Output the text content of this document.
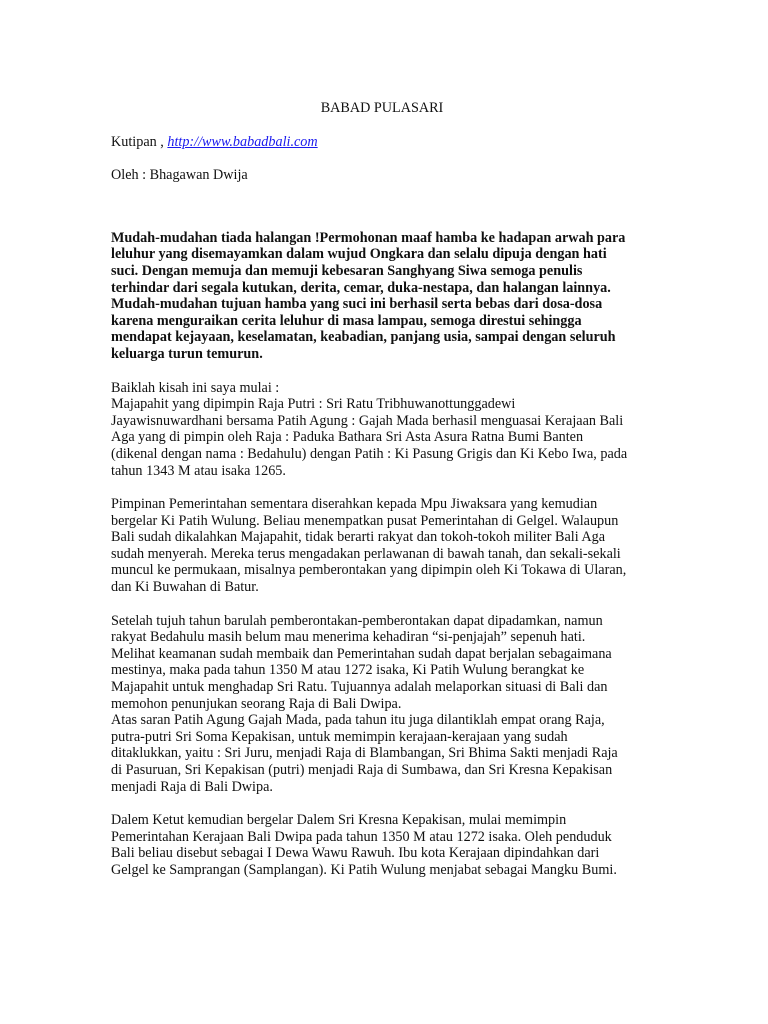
BABAD PULASARI
Kutipan , http://www.babadbali.com
Oleh : Bhagawan Dwija
Mudah-mudahan tiada halangan !Permohonan maaf hamba ke hadapan arwah para
leluhur yang disemayamkan dalam wujud Ongkara dan selalu dipuja dengan hati
suci. Dengan memuja dan memuji kebesaran Sanghyang Siwa semoga penulis
terhindar dari segala kutukan, derita, cemar, duka-nestapa, dan halangan lainnya.
Mudah-mudahan tujuan hamba yang suci ini berhasil serta bebas dari dosa-dosa
karena menguraikan cerita leluhur di masa lampau, semoga direstui sehingga
mendapat kejayaan, keselamatan, keabadian, panjang usia, sampai dengan seluruh
keluarga turun temurun.
Baiklah kisah ini saya mulai :
Majapahit yang dipimpin Raja Putri : Sri Ratu Tribhuwanottunggadewi
Jayawisnuwardhani bersama Patih Agung : Gajah Mada berhasil menguasai Kerajaan Bali
Aga yang di pimpin oleh Raja : Paduka Bathara Sri Asta Asura Ratna Bumi Banten
(dikenal dengan nama : Bedahulu) dengan Patih : Ki Pasung Grigis dan Ki Kebo Iwa, pada
tahun 1343 M atau isaka 1265.
Pimpinan Pemerintahan sementara diserahkan kepada Mpu Jiwaksara yang kemudian
bergelar Ki Patih Wulung. Beliau menempatkan pusat Pemerintahan di Gelgel. Walaupun
Bali sudah dikalahkan Majapahit, tidak berarti rakyat dan tokoh-tokoh militer Bali Aga
sudah menyerah. Mereka terus mengadakan perlawanan di bawah tanah, dan sekali-sekali
muncul ke permukaan, misalnya pemberontakan yang dipimpin oleh Ki Tokawa di Ularan,
dan Ki Buwahan di Batur.
Setelah tujuh tahun barulah pemberontakan-pemberontakan dapat dipadamkan, namun
rakyat Bedahulu masih belum mau menerima kehadiran “si-penjajah” sepenuh hati.
Melihat keamanan sudah membaik dan Pemerintahan sudah dapat berjalan sebagaimana
mestinya, maka pada tahun 1350 M atau 1272 isaka, Ki Patih Wulung berangkat ke
Majapahit untuk menghadap Sri Ratu. Tujuannya adalah melaporkan situasi di Bali dan
memohon penunjukan seorang Raja di Bali Dwipa.
Atas saran Patih Agung Gajah Mada, pada tahun itu juga dilantiklah empat orang Raja,
putra-putri Sri Soma Kepakisan, untuk memimpin kerajaan-kerajaan yang sudah
ditaklukkan, yaitu : Sri Juru, menjadi Raja di Blambangan, Sri Bhima Sakti menjadi Raja
di Pasuruan, Sri Kepakisan (putri) menjadi Raja di Sumbawa, dan Sri Kresna Kepakisan
menjadi Raja di Bali Dwipa.
Dalem Ketut kemudian bergelar Dalem Sri Kresna Kepakisan, mulai memimpin
Pemerintahan Kerajaan Bali Dwipa pada tahun 1350 M atau 1272 isaka. Oleh penduduk
Bali beliau disebut sebagai I Dewa Wawu Rawuh. Ibu kota Kerajaan dipindahkan dari
Gelgel ke Samprangan (Samplangan). Ki Patih Wulung menjabat sebagai Mangku Bumi.
